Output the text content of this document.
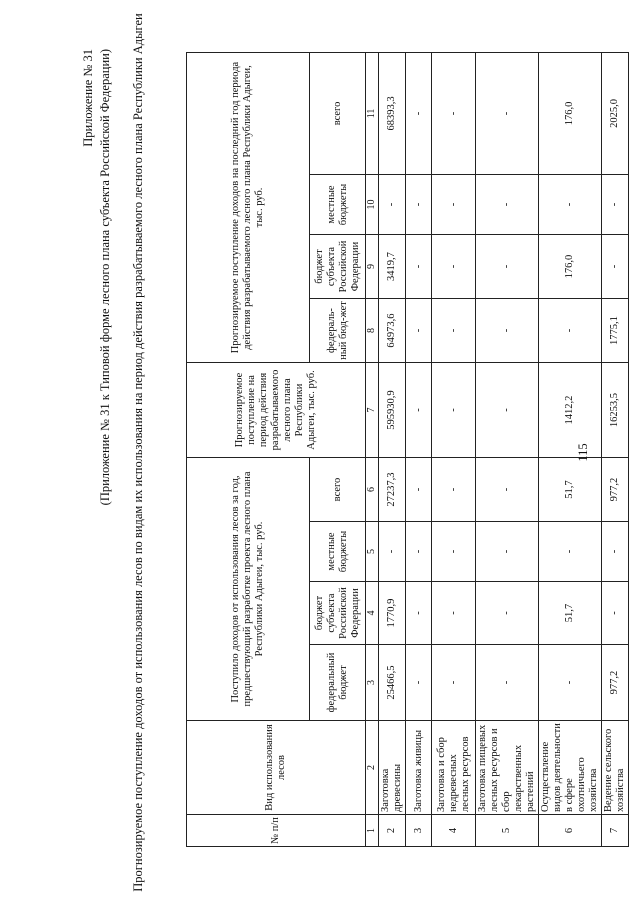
Приложение № 31 (Приложение № 31 к Типовой форме лесного плана субъекта Российской Федерации) Прогнозируемое поступление доходов от использования лесов по видам их использования на период действия разрабатываемого лесного плана Республики Адыгеи	№ п/п	Вид использования лесов	Поступило доходов от использования лесов за год, предшествующий разработке проекта лесного плана Республики Адыгеи, тыс. руб.				Прогнозируемое поступление на период действия разрабатываемого лесного плана Республики Адыгеи, тыс. руб.	Прогнозируемое поступление доходов на последний год периода действия разрабатываемого лесного плана Республики Адыгеи, тыс. руб.			
		федеральный бюджет	бюджет субъекта Российской Федерации	местные бюджеты	всего		федераль-ный бюд-жет	бюджет субъекта Российской Федерации	местные бюджеты	всего
1	2	3	4	5	6	7	8	9	10	11
2	Заготовка древесины	25466,5	1770,9	-	27237,3	595930,9	64973,6	3419,7	-	68393,3
3	Заготовка живицы	-	-	-	-	-	-	-	-	-
4	Заготовка и сбор недревесных лесных ресурсов	-	-	-	-	-	-	-	-	-
5	Заготовка пищевых лесных ресурсов и сбор лекарственных растений	-	-	-	-	-	-	-	-	-
6	Осуществление видов деятельности в сфере охотничьего хозяйства	-	51,7	-	51,7	1412,2	-	176,0	-	176,0
7	Ведение сельского хозяйства	977,2	-	-	977,2	16253,5	1775,1	-	-	2025,0
115
